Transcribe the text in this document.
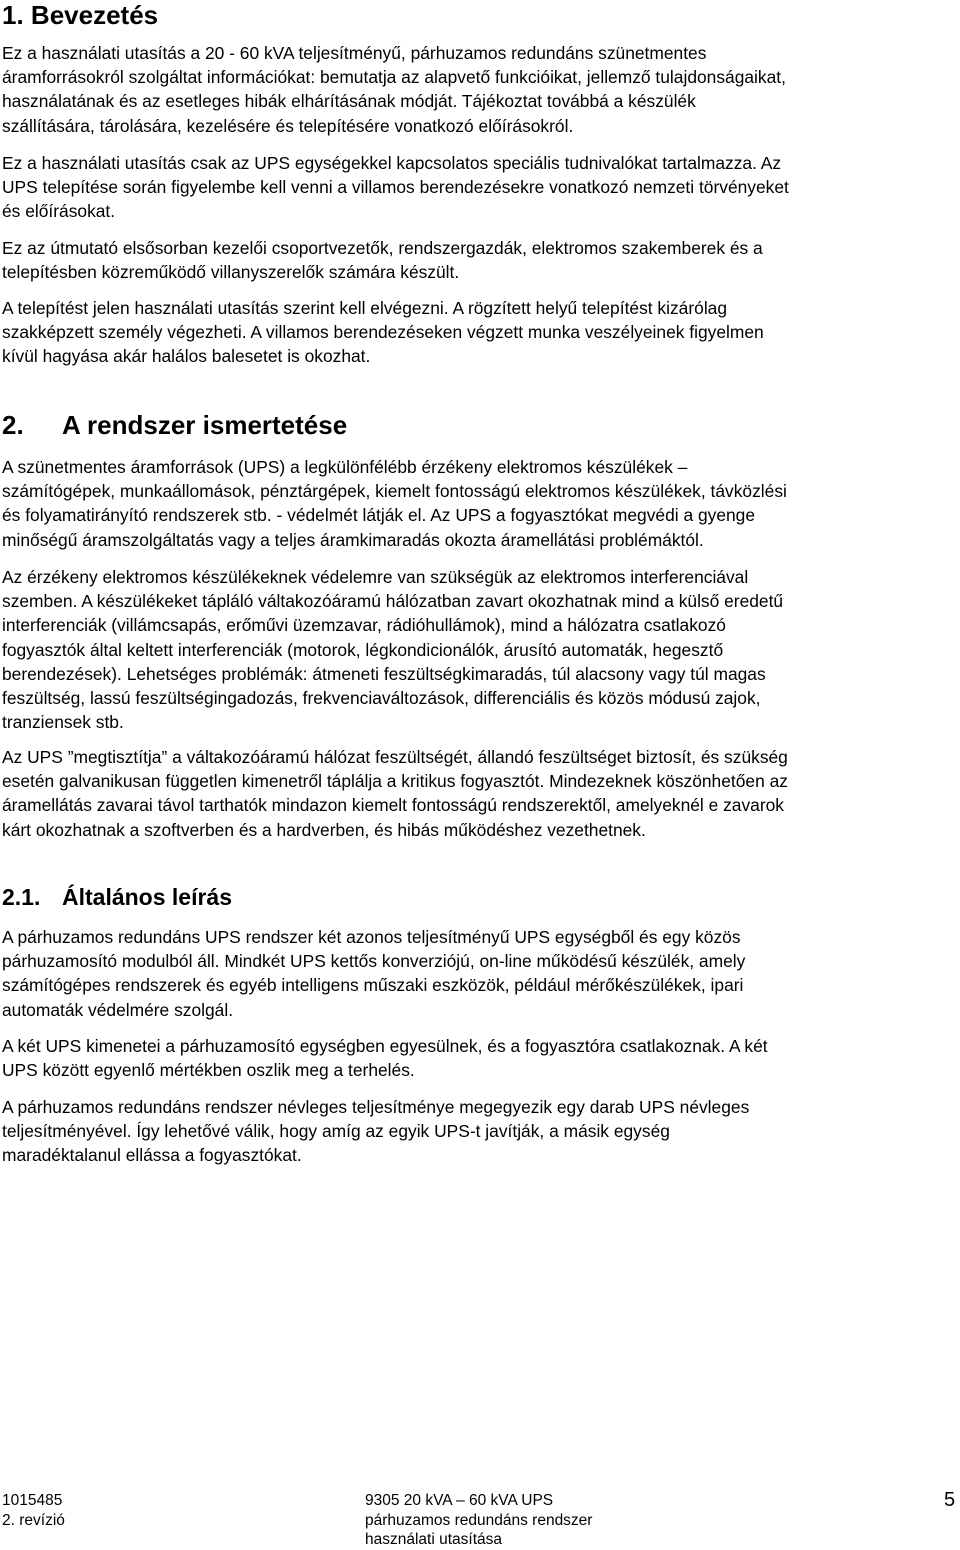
1. Bevezetés

Ez a használati utasítás a 20 - 60 kVA teljesítményű, párhuzamos redundáns szünetmentes
áramforrásokról szolgáltat információkat: bemutatja az alapvető funkcióikat, jellemző tulajdonságaikat,
használatának és az esetleges hibák elhárításának módját. Tájékoztat továbbá a készülék
szállítására, tárolására, kezelésére és telepítésére vonatkozó előírásokról.

Ez a használati utasítás csak az UPS egységekkel kapcsolatos speciális tudnivalókat tartalmazza. Az
UPS telepítése során figyelembe kell venni a villamos berendezésekre vonatkozó nemzeti törvényeket
és előírásokat.

Ez az útmutató elsősorban kezelői csoportvezetők, rendszergazdák, elektromos szakemberek és a
telepítésben közreműködő villanyszerelők számára készült.

A telepítést jelen használati utasítás szerint kell elvégezni. A rögzített helyű telepítést kizárólag
szakképzett személy végezheti. A villamos berendezéseken végzett munka veszélyeinek figyelmen
kívül hagyása akár halálos balesetet is okozhat.

2. A rendszer ismertetése

A szünetmentes áramforrások (UPS) a legkülönfélébb érzékeny elektromos készülékek –
számítógépek, munkaállomások, pénztárgépek, kiemelt fontosságú elektromos készülékek, távközlési
és folyamatirányító rendszerek stb. - védelmét látják el. Az UPS a fogyasztókat megvédi a gyenge
minőségű áramszolgáltatás vagy a teljes áramkimaradás okozta áramellátási problémáktól.

Az érzékeny elektromos készülékeknek védelemre van szükségük az elektromos interferenciával
szemben. A készülékeket tápláló váltakozóáramú hálózatban zavart okozhatnak mind a külső eredetű
interferenciák (villámcsapás, erőművi üzemzavar, rádióhullámok), mind a hálózatra csatlakozó
fogyasztók által keltett interferenciák (motorok, légkondicionálók, árusító automaták, hegesztő
berendezések). Lehetséges problémák: átmeneti feszültségkimaradás, túl alacsony vagy túl magas
feszültség, lassú feszültségingadozás, frekvenciaváltozások, differenciális és közös módusú zajok,
tranziensek stb.

Az UPS ”megtisztítja” a váltakozóáramú hálózat feszültségét, állandó feszültséget biztosít, és szükség
esetén galvanikusan független kimenetről táplálja a kritikus fogyasztót. Mindezeknek köszönhetően az
áramellátás zavarai távol tarthatók mindazon kiemelt fontosságú rendszerektől, amelyeknél e zavarok
kárt okozhatnak a szoftverben és a hardverben, és hibás működéshez vezethetnek.

2.1. Általános leírás

A párhuzamos redundáns UPS rendszer két azonos teljesítményű UPS egységből és egy közös
párhuzamosító modulból áll. Mindkét UPS kettős konverziójú, on-line működésű készülék, amely
számítógépes rendszerek és egyéb intelligens műszaki eszközök, például mérőkészülékek, ipari
automaták védelmére szolgál.

A két UPS kimenetei a párhuzamosító egységben egyesülnek, és a fogyasztóra csatlakoznak. A két
UPS között egyenlő mértékben oszlik meg a terhelés.

A párhuzamos redundáns rendszer névleges teljesítménye megegyezik egy darab UPS névleges
teljesítményével. Így lehetővé válik, hogy amíg az egyik UPS-t javítják, a másik egység
maradéktalanul ellássa a fogyasztókat.

1015485
2. revízió
9305 20 kVA – 60 kVA UPS
párhuzamos redundáns rendszer
használati utasítása
5
